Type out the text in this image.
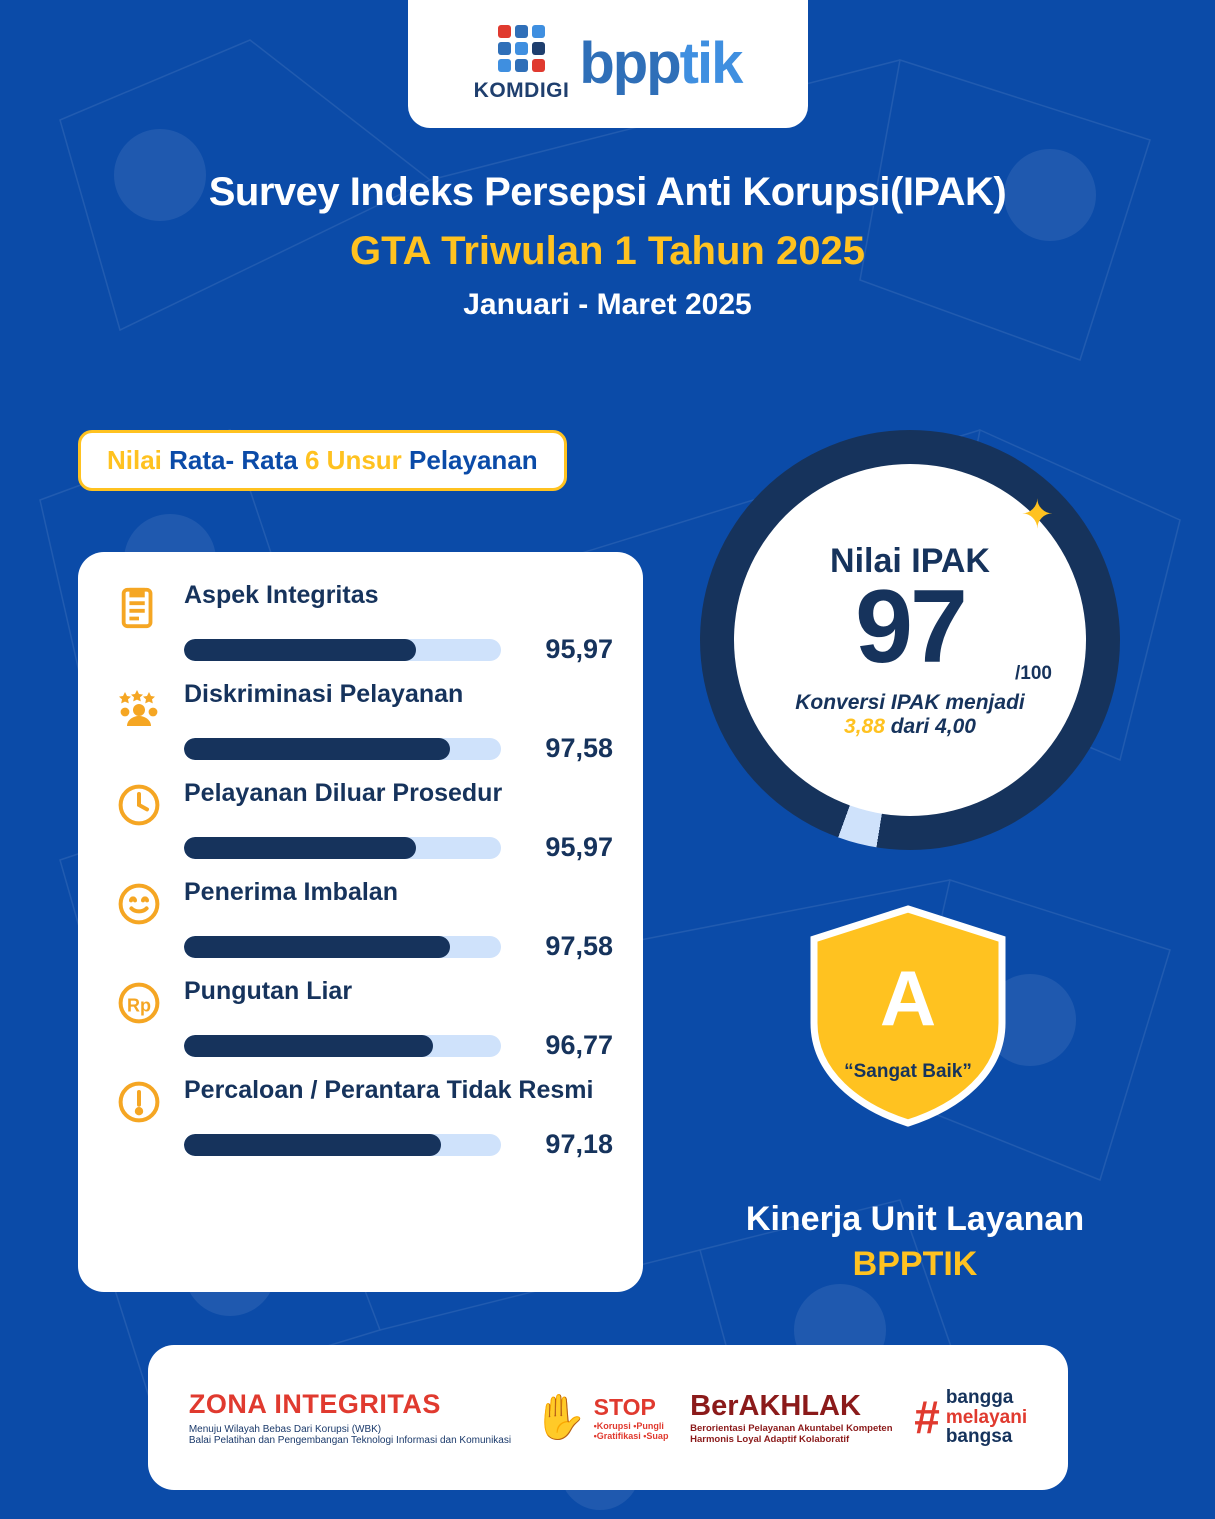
KOMDIGI bpptik
Survey Indeks Persepsi Anti Korupsi(IPAK)
GTA Triwulan 1 Tahun 2025
Januari - Maret 2025
Nilai Rata- Rata 6 Unsur Pelayanan
Aspek Integritas
95,97
Diskriminasi Pelayanan
97,58
Pelayanan Diluar Prosedur
95,97
Penerima Imbalan
97,58
Rp
Pungutan Liar
96,77
Percaloan / Perantara Tidak Resmi
97,18
Nilai IPAK
97	/100
Konversi IPAK menjadi
3,88 dari 4,00
✦
A
“Sangat Baik”
Kinerja Unit Layanan
BPPTIK
ZONA INTEGRITAS
Menuju Wilayah Bebas Dari Korupsi (WBK)
Balai Pelatihan dan Pengembangan Teknologi Informasi dan Komunikasi ✋ STOP
•Korupsi •Pungli
•Gratifikasi •Suap
BerAKHLAK
Berorientasi Pelayanan Akuntabel Kompeten
Harmonis Loyal Adaptif Kolaboratif	# bangga
melayani
bangsa
